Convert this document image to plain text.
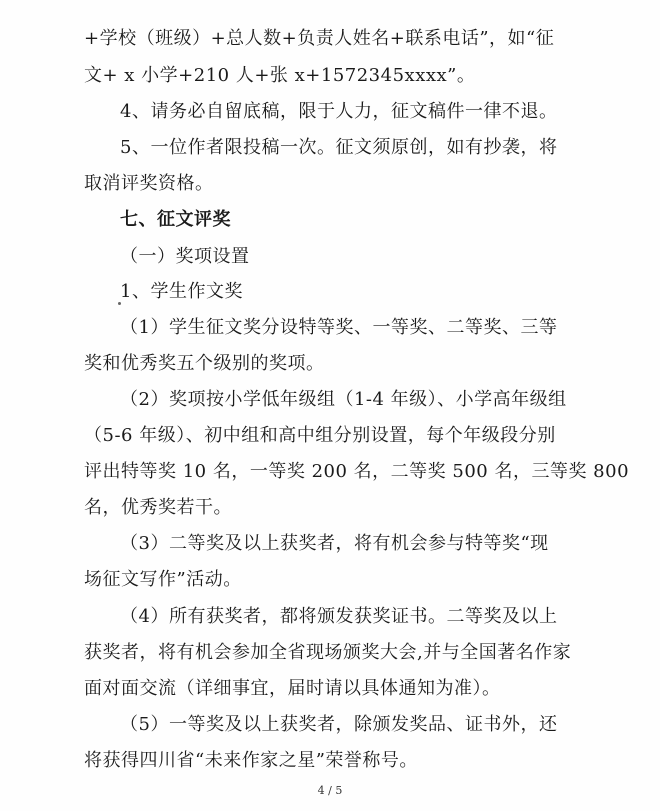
+学校（班级）+总人数+负责人姓名+联系电话”，如“征
文+ x 小学+210 人+张 x+1572345xxxx”。
4、请务必自留底稿，限于人力，征文稿件一律不退。
5、一位作者限投稿一次。征文须原创，如有抄袭，将
取消评奖资格。
七、征文评奖
（一）奖项设置
1、学生作文奖
（1）学生征文奖分设特等奖、一等奖、二等奖、三等
奖和优秀奖五个级别的奖项。
（2）奖项按小学低年级组（1-4 年级）、小学高年级组
（5-6 年级）、初中组和高中组分别设置，每个年级段分别
评出特等奖 10 名，一等奖 200 名，二等奖 500 名，三等奖 800
名，优秀奖若干。
（3）二等奖及以上获奖者，将有机会参与特等奖“现
场征文写作”活动。
（4）所有获奖者，都将颁发获奖证书。二等奖及以上
获奖者，将有机会参加全省现场颁奖大会,并与全国著名作家
面对面交流（详细事宜，届时请以具体通知为准）。
（5）一等奖及以上获奖者，除颁发奖品、证书外，还
将获得四川省“未来作家之星”荣誉称号。
4 / 5
